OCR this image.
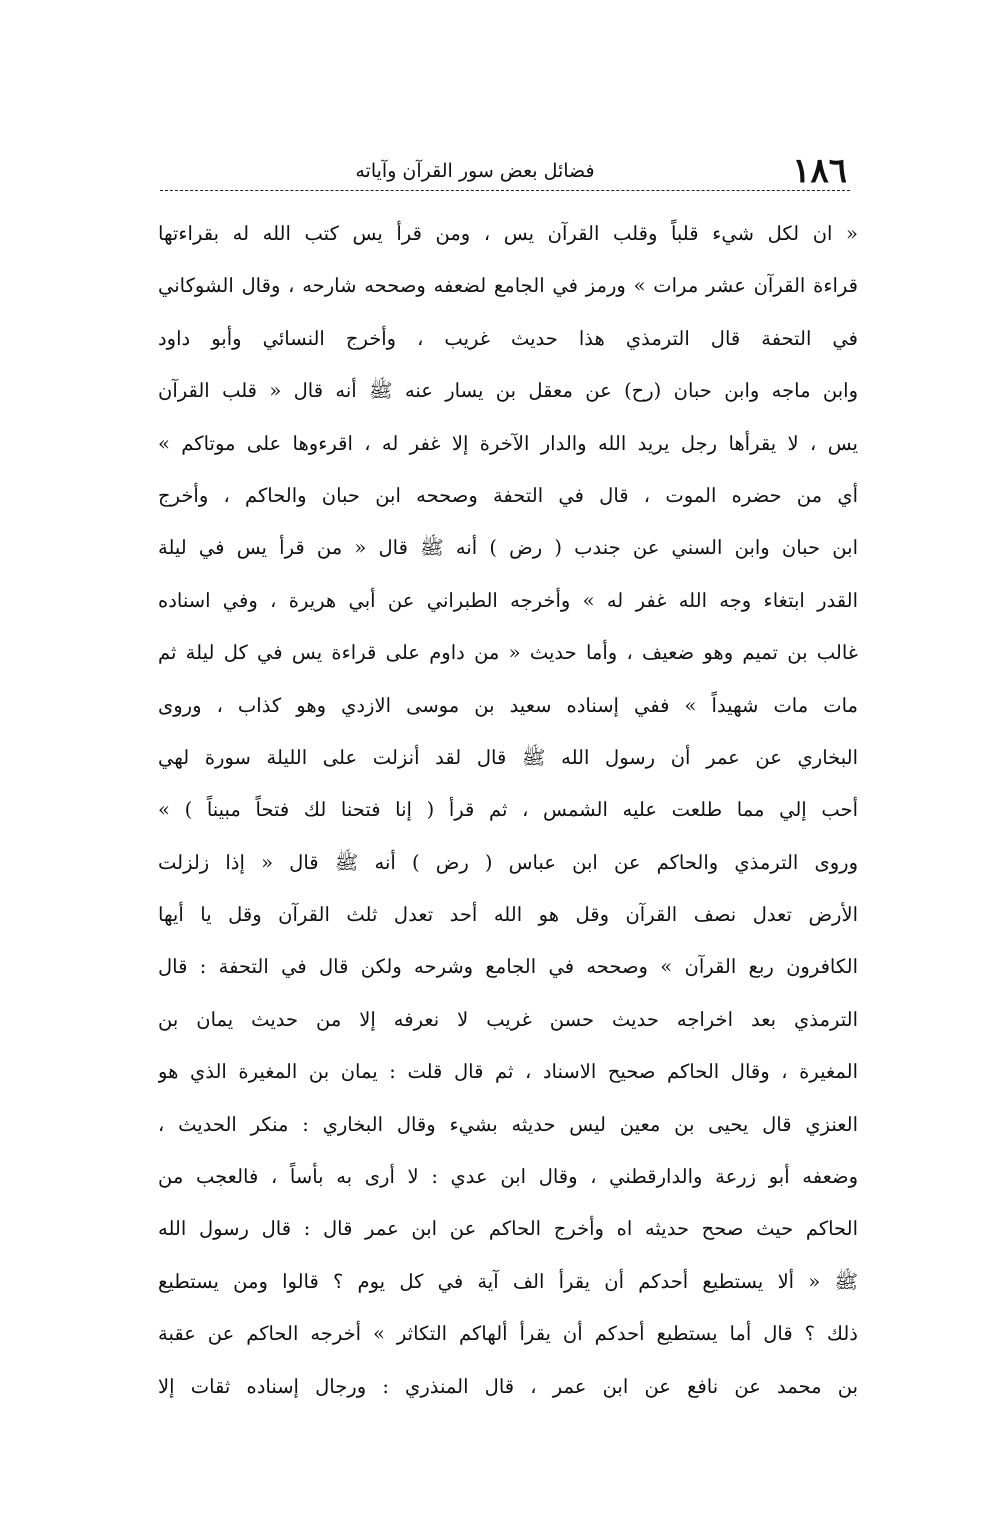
١٨٦
فضائل بعض سور القرآن وآياته
« ان لكل شيء قلباً وقلب القرآن يس ، ومن قرأ يس كتب الله له بقراءتها
قراءة القرآن عشر مرات » ورمز في الجامع لضعفه وصححه شارحه ، وقال الشوكاني
في التحفة قال الترمذي هذا حديث غريب ، وأخرج النسائي وأبو داود
وابن ماجه وابن حبان (رح) عن معقل بن يسار عنه ﷺ أنه قال « قلب القرآن
يس ، لا يقرأها رجل يريد الله والدار الآخرة إلا غفر له ، اقرءوها على موتاكم »
أي من حضره الموت ، قال في التحفة وصححه ابن حبان والحاكم ، وأخرج
ابن حبان وابن السني عن جندب ( رض ) أنه ﷺ قال « من قرأ يس في ليلة
القدر ابتغاء وجه الله غفر له » وأخرجه الطبراني عن أبي هريرة ، وفي اسناده
غالب بن تميم وهو ضعيف ، وأما حديث « من داوم على قراءة يس في كل ليلة ثم
مات مات شهيداً » ففي إسناده سعيد بن موسى الازدي وهو كذاب ، وروى
البخاري عن عمر أن رسول الله ﷺ قال لقد أنزلت على الليلة سورة لهي
أحب إلي مما طلعت عليه الشمس ، ثم قرأ ( إنا فتحنا لك فتحاً مبيناً ) »
وروى الترمذي والحاكم عن ابن عباس ( رض ) أنه ﷺ قال « إذا زلزلت
الأرض تعدل نصف القرآن وقل هو الله أحد تعدل ثلث القرآن وقل يا أيها
الكافرون ربع القرآن » وصححه في الجامع وشرحه ولكن قال في التحفة : قال
الترمذي بعد اخراجه حديث حسن غريب لا نعرفه إلا من حديث يمان بن
المغيرة ، وقال الحاكم صحيح الاسناد ، ثم قال قلت : يمان بن المغيرة الذي هو
العنزي قال يحيى بن معين ليس حديثه بشيء وقال البخاري : منكر الحديث ،
وضعفه أبو زرعة والدارقطني ، وقال ابن عدي : لا أرى به بأساً ، فالعجب من
الحاكم حيث صحح حديثه اه وأخرج الحاكم عن ابن عمر قال : قال رسول الله
ﷺ « ألا يستطيع أحدكم أن يقرأ الف آية في كل يوم ؟ قالوا ومن يستطيع
ذلك ؟ قال أما يستطيع أحدكم أن يقرأ ألهاكم التكاثر » أخرجه الحاكم عن عقبة
بن محمد عن نافع عن ابن عمر ، قال المنذري : ورجال إسناده ثقات إلا
